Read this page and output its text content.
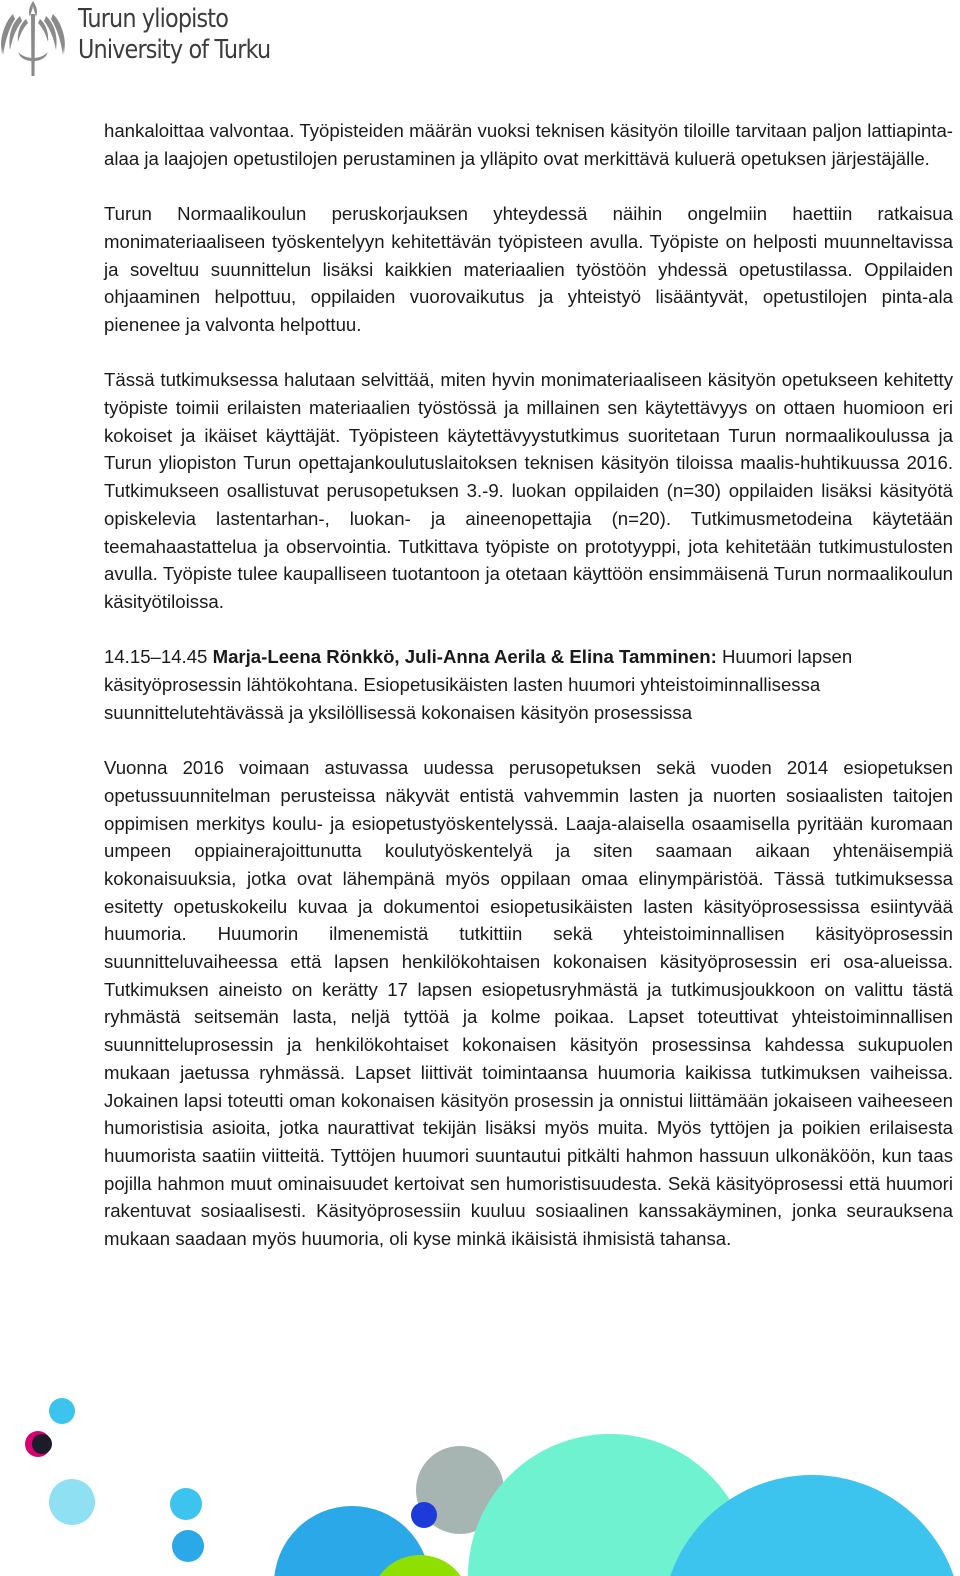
Turun yliopisto
University of Turku

hankaloittaa valvontaa. Työpisteiden määrän vuoksi teknisen käsityön tiloille tarvitaan paljon lattiapinta-alaa ja laajojen opetustilojen perustaminen ja ylläpito ovat merkittävä kuluerä opetuksen järjestäjälle.

Turun Normaalikoulun peruskorjauksen yhteydessä näihin ongelmiin haettiin ratkaisua monimateriaaliseen työskentelyyn kehitettävän työpisteen avulla. Työpiste on helposti muunneltavissa ja soveltuu suunnittelun lisäksi kaikkien materiaalien työstöön yhdessä opetustilassa. Oppilaiden ohjaaminen helpottuu, oppilaiden vuorovaikutus ja yhteistyö lisääntyvät, opetustilojen pinta-ala pienenee ja valvonta helpottuu.

Tässä tutkimuksessa halutaan selvittää, miten hyvin monimateriaaliseen käsityön opetukseen kehitetty työpiste toimii erilaisten materiaalien työstössä ja millainen sen käytettävyys on ottaen huomioon eri kokoiset ja ikäiset käyttäjät. Työpisteen käytettävyystutkimus suoritetaan Turun normaalikoulussa ja Turun yliopiston Turun opettajankoulutuslaitoksen teknisen käsityön tiloissa maalis-huhtikuussa 2016. Tutkimukseen osallistuvat perusopetuksen 3.-9. luokan oppilaiden (n=30) oppilaiden lisäksi käsityötä opiskelevia lastentarhan-, luokan- ja aineenopettajia (n=20). Tutkimusmetodeina käytetään teemahaastattelua ja observointia. Tutkittava työpiste on prototyyppi, jota kehitetään tutkimustulosten avulla. Työpiste tulee kaupalliseen tuotantoon ja otetaan käyttöön ensimmäisenä Turun normaalikoulun käsityötiloissa.

14.15–14.45 Marja-Leena Rönkkö, Juli-Anna Aerila & Elina Tamminen: Huumori lapsen käsityöprosessin lähtökohtana. Esiopetusikäisten lasten huumori yhteistoiminnallisessa suunnittelutehtävässä ja yksilöllisessä kokonaisen käsityön prosessissa

Vuonna 2016 voimaan astuvassa uudessa perusopetuksen sekä vuoden 2014 esiopetuksen opetussuunnitelman perusteissa näkyvät entistä vahvemmin lasten ja nuorten sosiaalisten taitojen oppimisen merkitys koulu- ja esiopetustyöskentelyssä. Laaja-alaisella osaamisella pyritään kuromaan umpeen oppiainerajoittunutta koulutyöskentelyä ja siten saamaan aikaan yhtenäisempiä kokonaisuuksia, jotka ovat lähempänä myös oppilaan omaa elinympäristöä. Tässä tutkimuksessa esitetty opetuskokeilu kuvaa ja dokumentoi esiopetusikäisten lasten käsityöprosessissa esiintyvää huumoria. Huumorin ilmenemistä tutkittiin sekä yhteistoiminnallisen käsityöprosessin suunnitteluvaiheessa että lapsen henkilökohtaisen kokonaisen käsityöprosessin eri osa-alueissa. Tutkimuksen aineisto on kerätty 17 lapsen esiopetusryhmästä ja tutkimusjoukkoon on valittu tästä ryhmästä seitsemän lasta, neljä tyttöä ja kolme poikaa. Lapset toteuttivat yhteistoiminnallisen suunnitteluprosessin ja henkilökohtaiset kokonaisen käsityön prosessinsa kahdessa sukupuolen mukaan jaetussa ryhmässä. Lapset liittivät toimintaansa huumoria kaikissa tutkimuksen vaiheissa. Jokainen lapsi toteutti oman kokonaisen käsityön prosessin ja onnistui liittämään jokaiseen vaiheeseen humoristisia asioita, jotka naurattivat tekijän lisäksi myös muita. Myös tyttöjen ja poikien erilaisesta huumorista saatiin viitteitä. Tyttöjen huumori suuntautui pitkälti hahmon hassuun ulkonäköön, kun taas pojilla hahmon muut ominaisuudet kertoivat sen humoristisuudesta. Sekä käsityöprosessi että huumori rakentuvat sosiaalisesti. Käsityöprosessiin kuuluu sosiaalinen kanssakäyminen, jonka seurauksena mukaan saadaan myös huumoria, oli kyse minkä ikäisistä ihmisistä tahansa.
